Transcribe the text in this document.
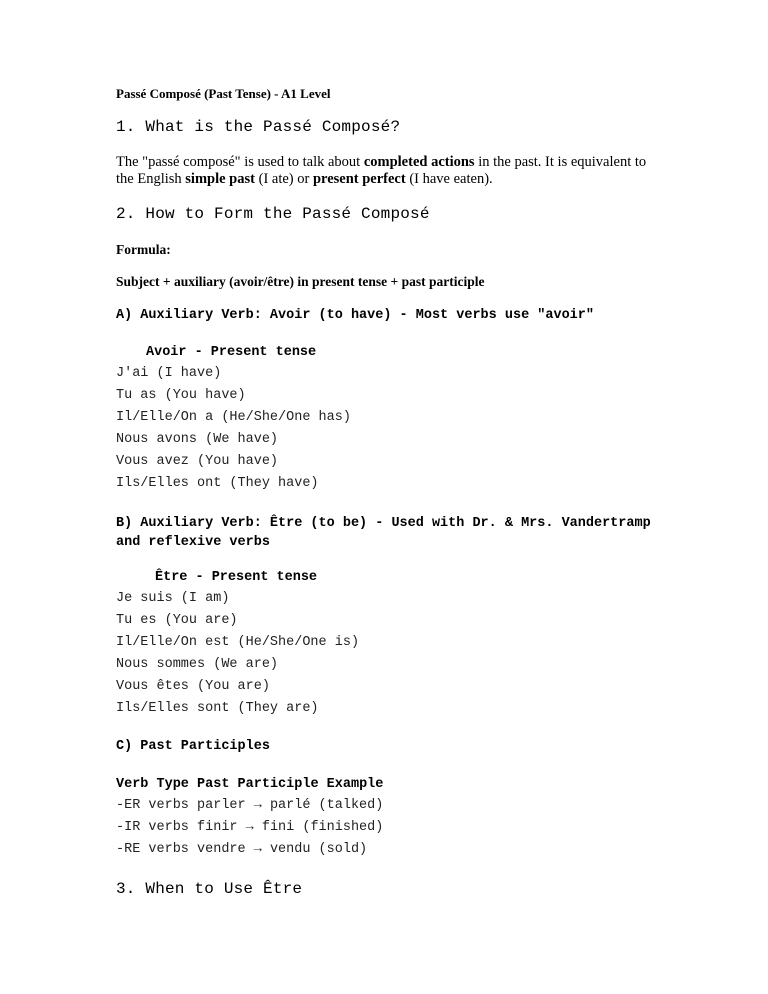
Passé Composé (Past Tense) - A1 Level
1. What is the Passé Composé?
The "passé composé" is used to talk about completed actions in the past. It is equivalent to the English simple past (I ate) or present perfect (I have eaten).
2. How to Form the Passé Composé
Formula:
Subject + auxiliary (avoir/être) in present tense + past participle
A) Auxiliary Verb: Avoir (to have) - Most verbs use "avoir"
Avoir - Present tense
J'ai (I have)
Tu as (You have)
Il/Elle/On a (He/She/One has)
Nous avons (We have)
Vous avez (You have)
Ils/Elles ont (They have)
B) Auxiliary Verb: Être (to be) - Used with Dr. & Mrs. Vandertramp and reflexive verbs
Être - Present tense
Je suis (I am)
Tu es (You are)
Il/Elle/On est (He/She/One is)
Nous sommes (We are)
Vous êtes (You are)
Ils/Elles sont (They are)
C) Past Participles
Verb Type Past Participle Example
-ER verbs parler → parlé (talked)
-IR verbs finir → fini (finished)
-RE verbs vendre → vendu (sold)
3. When to Use Être
